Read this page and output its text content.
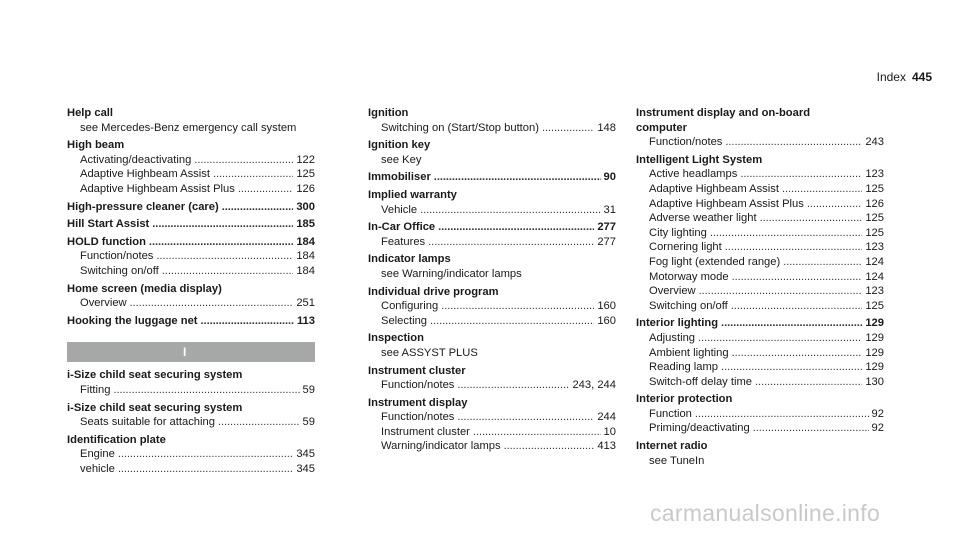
Index 445
Help call
see Mercedes-Benz emergency call system
High beam
Activating/deactivating . . .	122
Adaptive Highbeam Assist . . .	125
Adaptive Highbeam Assist Plus . . .	126
High-pressure cleaner (care) . . .	300
Hill Start Assist . . .	185
HOLD function . . .	184
Function/notes . . .	184
Switching on/off . . .	184
Home screen (media display)
Overview . . .	251
Hooking the luggage net . . .	113
I
i-Size child seat securing system
Fitting . . .	59
i-Size child seat securing system
Seats suitable for attaching . . .	59
Identification plate
Engine . . .	345
vehicle . . .	345
Ignition
Switching on (Start/Stop button) . . .	148
Ignition key
see Key
Immobiliser . . .	90
Implied warranty
Vehicle . . .	31
In-Car Office . . .	277
Features . . .	277
Indicator lamps
see Warning/indicator lamps
Individual drive program
Configuring . . .	160
Selecting . . .	160
Inspection
see ASSYST PLUS
Instrument cluster
Function/notes . . .	243, 244
Instrument display
Function/notes . . .	244
Instrument cluster . . .	10
Warning/indicator lamps . . .	413
Instrument display and on-board
computer
Function/notes . . .	243
Intelligent Light System
Active headlamps . . .	123
Adaptive Highbeam Assist . . .	125
Adaptive Highbeam Assist Plus . . .	126
Adverse weather light . . .	125
City lighting . . .	125
Cornering light . . .	123
Fog light (extended range) . . .	124
Motorway mode . . .	124
Overview . . .	123
Switching on/off . . .	125
Interior lighting . . .	129
Adjusting . . .	129
Ambient lighting . . .	129
Reading lamp . . .	129
Switch-off delay time . . .	130
Interior protection
Function . . .	92
Priming/deactivating . . .	92
Internet radio
see TuneIn
carmanualsonline.info
